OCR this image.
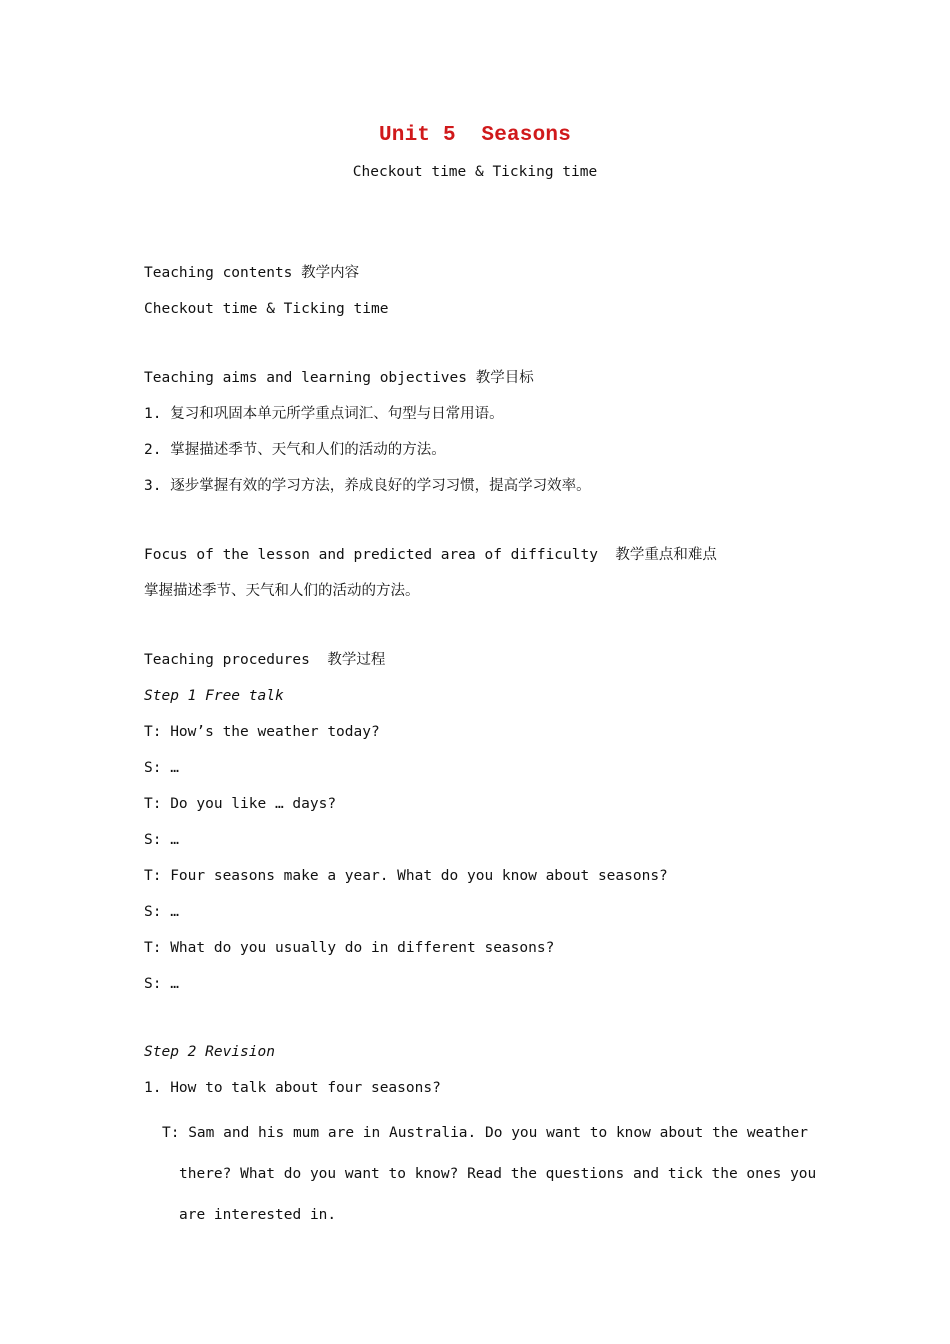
Unit 5  Seasons
Checkout time & Ticking time
Teaching contents 教学内容
Checkout time & Ticking time
Teaching aims and learning objectives 教学目标
1. 复习和巩固本单元所学重点词汇、句型与日常用语。
2. 掌握描述季节、天气和人们的活动的方法。
3. 逐步掌握有效的学习方法，养成良好的学习习惯，提高学习效率。
Focus of the lesson and predicted area of difficulty  教学重点和难点
掌握描述季节、天气和人们的活动的方法。
Teaching procedures  教学过程
Step 1 Free talk
T: How’s the weather today?
S: …
T: Do you like … days?
S: …
T: Four seasons make a year. What do you know about seasons?
S: …
T: What do you usually do in different seasons?
S: …
Step 2 Revision
1. How to talk about four seasons?
T: Sam and his mum are in Australia. Do you want to know about the weather
there? What do you want to know? Read the questions and tick the ones you
are interested in.
